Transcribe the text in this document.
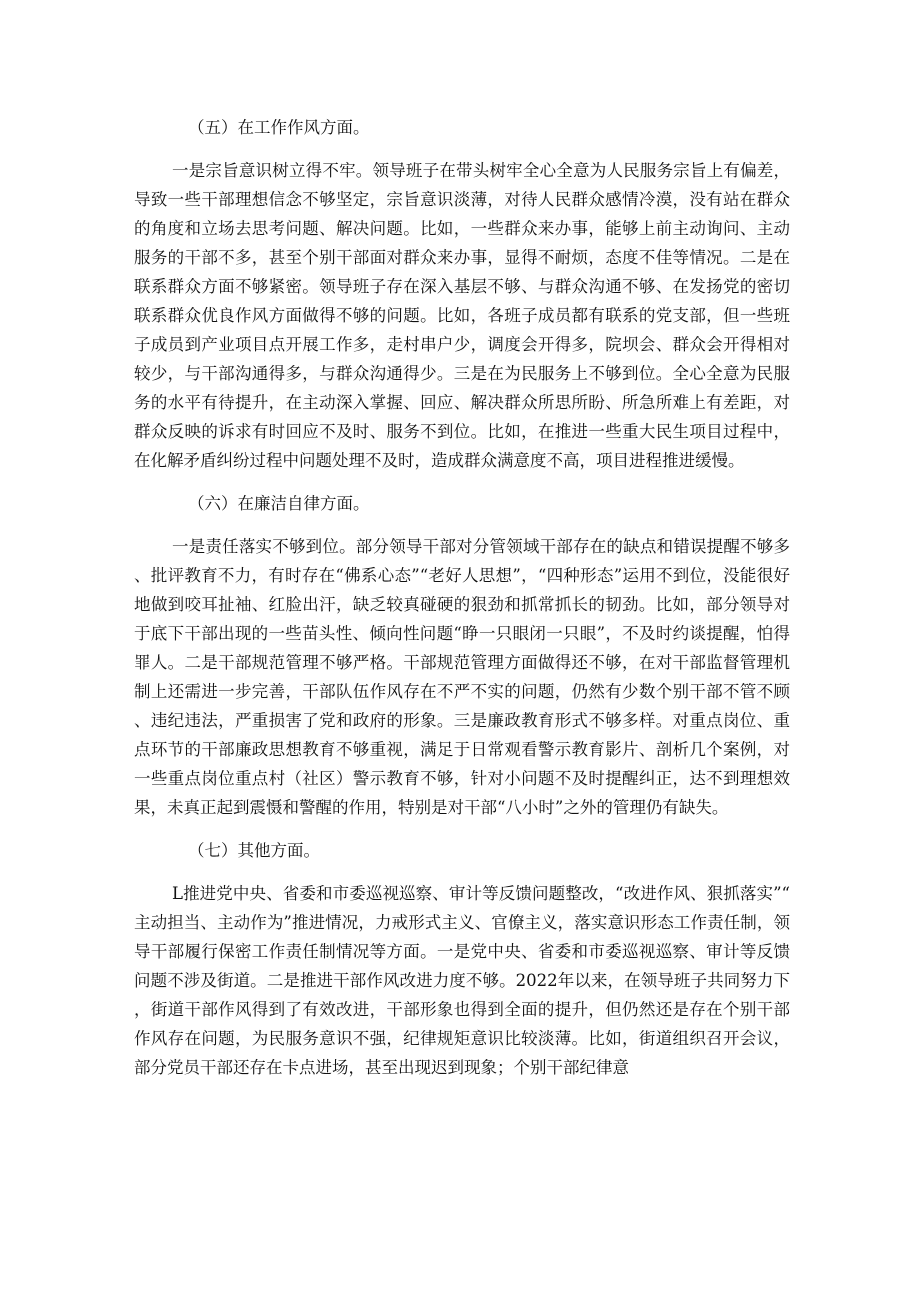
（五）在工作作风方面。

一是宗旨意识树立得不牢。领导班子在带头树牢全心全意为人民服务宗旨上有偏差，导致一些干部理想信念不够坚定，宗旨意识淡薄，对待人民群众感情冷漠，没有站在群众的角度和立场去思考问题、解决问题。比如，一些群众来办事，能够上前主动询问、主动服务的干部不多，甚至个别干部面对群众来办事，显得不耐烦，态度不佳等情况。二是在联系群众方面不够紧密。领导班子存在深入基层不够、与群众沟通不够、在发扬党的密切联系群众优良作风方面做得不够的问题。比如，各班子成员都有联系的党支部，但一些班子成员到产业项目点开展工作多，走村串户少，调度会开得多，院坝会、群众会开得相对较少，与干部沟通得多，与群众沟通得少。三是在为民服务上不够到位。全心全意为民服务的水平有待提升，在主动深入掌握、回应、解决群众所思所盼、所急所难上有差距，对群众反映的诉求有时回应不及时、服务不到位。比如，在推进一些重大民生项目过程中，在化解矛盾纠纷过程中问题处理不及时，造成群众满意度不高，项目进程推进缓慢。

（六）在廉洁自律方面。

一是责任落实不够到位。部分领导干部对分管领域干部存在的缺点和错误提醒不够多、批评教育不力，有时存在“佛系心态”“老好人思想”，“四种形态”运用不到位，没能很好地做到咬耳扯袖、红脸出汗，缺乏较真碰硬的狠劲和抓常抓长的韧劲。比如，部分领导对于底下干部出现的一些苗头性、倾向性问题“睁一只眼闭一只眼”，不及时约谈提醒，怕得罪人。二是干部规范管理不够严格。干部规范管理方面做得还不够，在对干部监督管理机制上还需进一步完善，干部队伍作风存在不严不实的问题，仍然有少数个别干部不管不顾、违纪违法，严重损害了党和政府的形象。三是廉政教育形式不够多样。对重点岗位、重点环节的干部廉政思想教育不够重视，满足于日常观看警示教育影片、剖析几个案例，对一些重点岗位重点村（社区）警示教育不够，针对小问题不及时提醒纠正，达不到理想效果，未真正起到震慑和警醒的作用，特别是对干部“八小时”之外的管理仍有缺失。

（七）其他方面。

L推进党中央、省委和市委巡视巡察、审计等反馈问题整改，“改进作风、狠抓落实”“主动担当、主动作为”推进情况，力戒形式主义、官僚主义，落实意识形态工作责任制，领导干部履行保密工作责任制情况等方面。一是党中央、省委和市委巡视巡察、审计等反馈问题不涉及街道。二是推进干部作风改进力度不够。2022年以来，在领导班子共同努力下，街道干部作风得到了有效改进，干部形象也得到全面的提升，但仍然还是存在个别干部作风存在问题，为民服务意识不强，纪律规矩意识比较淡薄。比如，街道组织召开会议，部分党员干部还存在卡点进场，甚至出现迟到现象；个别干部纪律意
